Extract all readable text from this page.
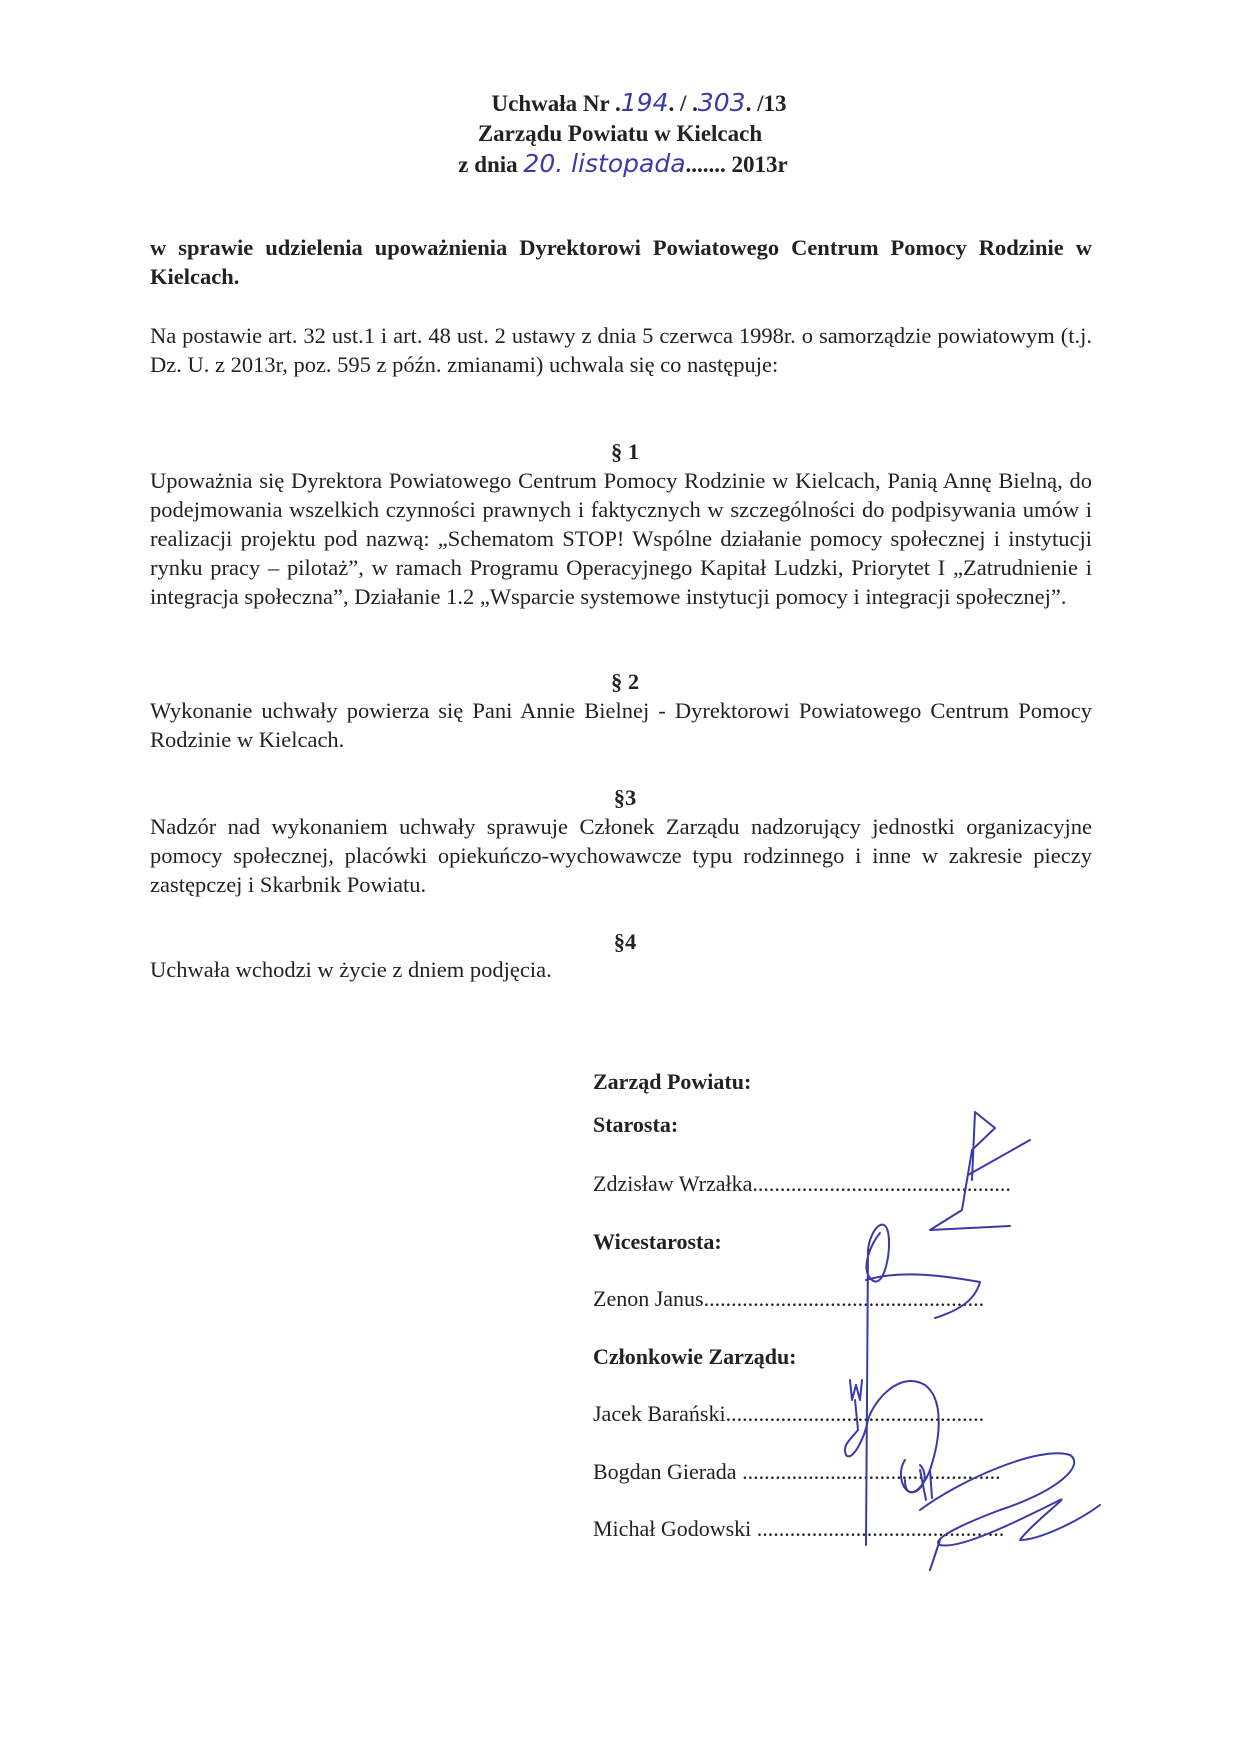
Uchwała Nr .194. / .303. /13
Zarządu Powiatu w Kielcach
z dnia 20. listopada....... 2013r
w sprawie udzielenia upoważnienia Dyrektorowi Powiatowego Centrum Pomocy Rodzinie w Kielcach.
Na postawie art. 32 ust.1 i art. 48 ust. 2 ustawy z dnia 5 czerwca 1998r. o samorządzie powiatowym (t.j. Dz. U. z 2013r, poz. 595 z późn. zmianami) uchwala się co następuje:
§ 1
Upoważnia się Dyrektora Powiatowego Centrum Pomocy Rodzinie w Kielcach, Panią Annę Bielną, do podejmowania wszelkich czynności prawnych i faktycznych w szczególności do podpisywania umów i realizacji projektu pod nazwą: „Schematom STOP! Wspólne działanie pomocy społecznej i instytucji rynku pracy – pilotaż”, w ramach Programu Operacyjnego Kapitał Ludzki, Priorytet I „Zatrudnienie i integracja społeczna”, Działanie 1.2 „Wsparcie systemowe instytucji pomocy i integracji społecznej”.
§ 2
Wykonanie uchwały powierza się Pani Annie Bielnej - Dyrektorowi Powiatowego Centrum Pomocy Rodzinie w Kielcach.
§3
Nadzór nad wykonaniem uchwały sprawuje Członek Zarządu nadzorujący jednostki organizacyjne pomocy społecznej, placówki opiekuńczo-wychowawcze typu rodzinnego i inne w zakresie pieczy zastępczej i Skarbnik Powiatu.
§4
Uchwała wchodzi w życie z dniem podjęcia.
Zarząd Powiatu:
Starosta:
Zdzisław Wrzałka...............................................
Wicestarosta:
Zenon Janus...................................................
Członkowie Zarządu:
Jacek Barański...............................................
Bogdan Gierada ...............................................
Michał Godowski .............................................
